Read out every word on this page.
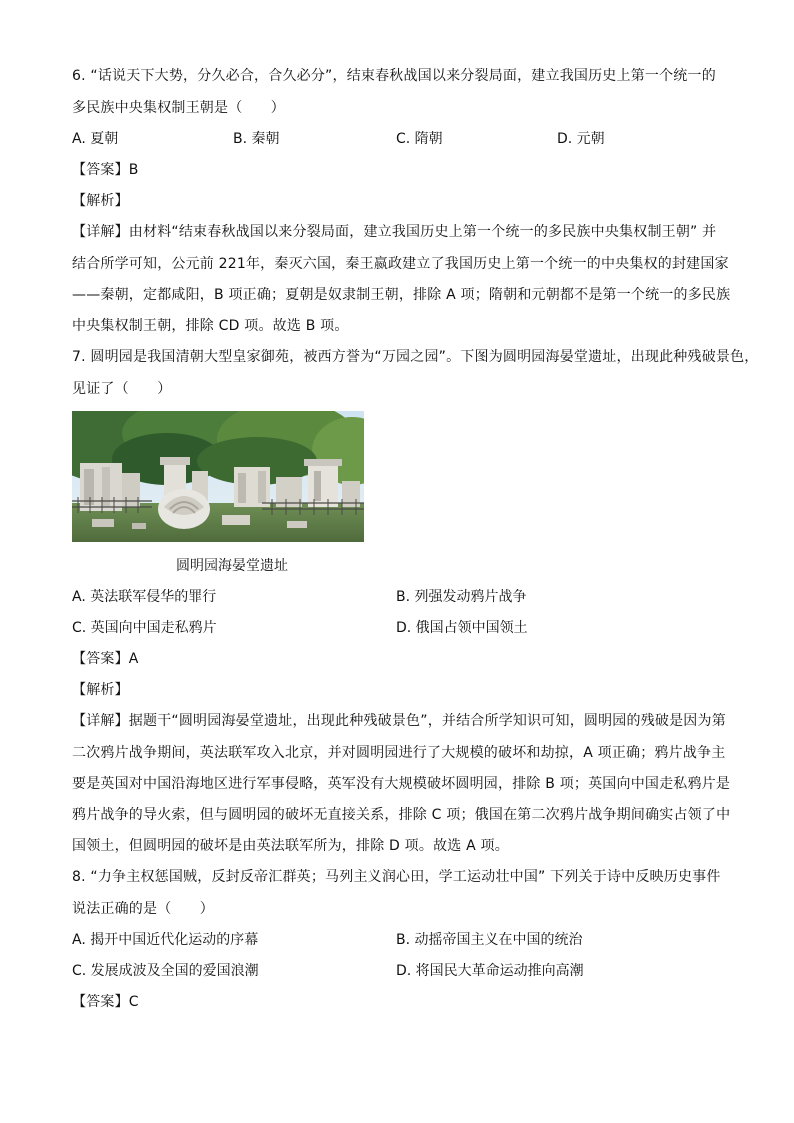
6. “话说天下大势，分久必合，合久必分”，结束春秋战国以来分裂局面，建立我国历史上第一个统一的
多民族中央集权制王朝是（　　）
A. 夏朝	B. 秦朝	C. 隋朝	D. 元朝
【答案】B
【解析】
【详解】由材料“结束春秋战国以来分裂局面，建立我国历史上第一个统一的多民族中央集权制王朝” 并
结合所学可知，公元前 221年，秦灭六国，秦王嬴政建立了我国历史上第一个统一的中央集权的封建国家
——秦朝，定都咸阳，B 项正确；夏朝是奴隶制王朝，排除 A 项；隋朝和元朝都不是第一个统一的多民族
中央集权制王朝，排除 CD 项。故选 B 项。
7. 圆明园是我国清朝大型皇家御苑，被西方誉为“万园之园”。下图为圆明园海晏堂遗址，出现此种残破景色，
见证了（　　）
圆明园海晏堂遗址
A. 英法联军侵华的罪行	B. 列强发动鸦片战争
C. 英国向中国走私鸦片	D. 俄国占领中国领土
【答案】A
【解析】
【详解】据题干“圆明园海晏堂遗址，出现此种残破景色”，并结合所学知识可知，圆明园的残破是因为第
二次鸦片战争期间，英法联军攻入北京，并对圆明园进行了大规模的破坏和劫掠，A 项正确；鸦片战争主
要是英国对中国沿海地区进行军事侵略，英军没有大规模破坏圆明园，排除 B 项；英国向中国走私鸦片是
鸦片战争的导火索，但与圆明园的破坏无直接关系，排除 C 项；俄国在第二次鸦片战争期间确实占领了中
国领土，但圆明园的破坏是由英法联军所为，排除 D 项。故选 A 项。
8. “力争主权惩国贼，反封反帝汇群英；马列主义润心田，学工运动壮中国” 下列关于诗中反映历史事件
说法正确的是（　　）
A. 揭开中国近代化运动的序幕	B. 动摇帝国主义在中国的统治
C. 发展成波及全国的爱国浪潮	D. 将国民大革命运动推向高潮
【答案】C
